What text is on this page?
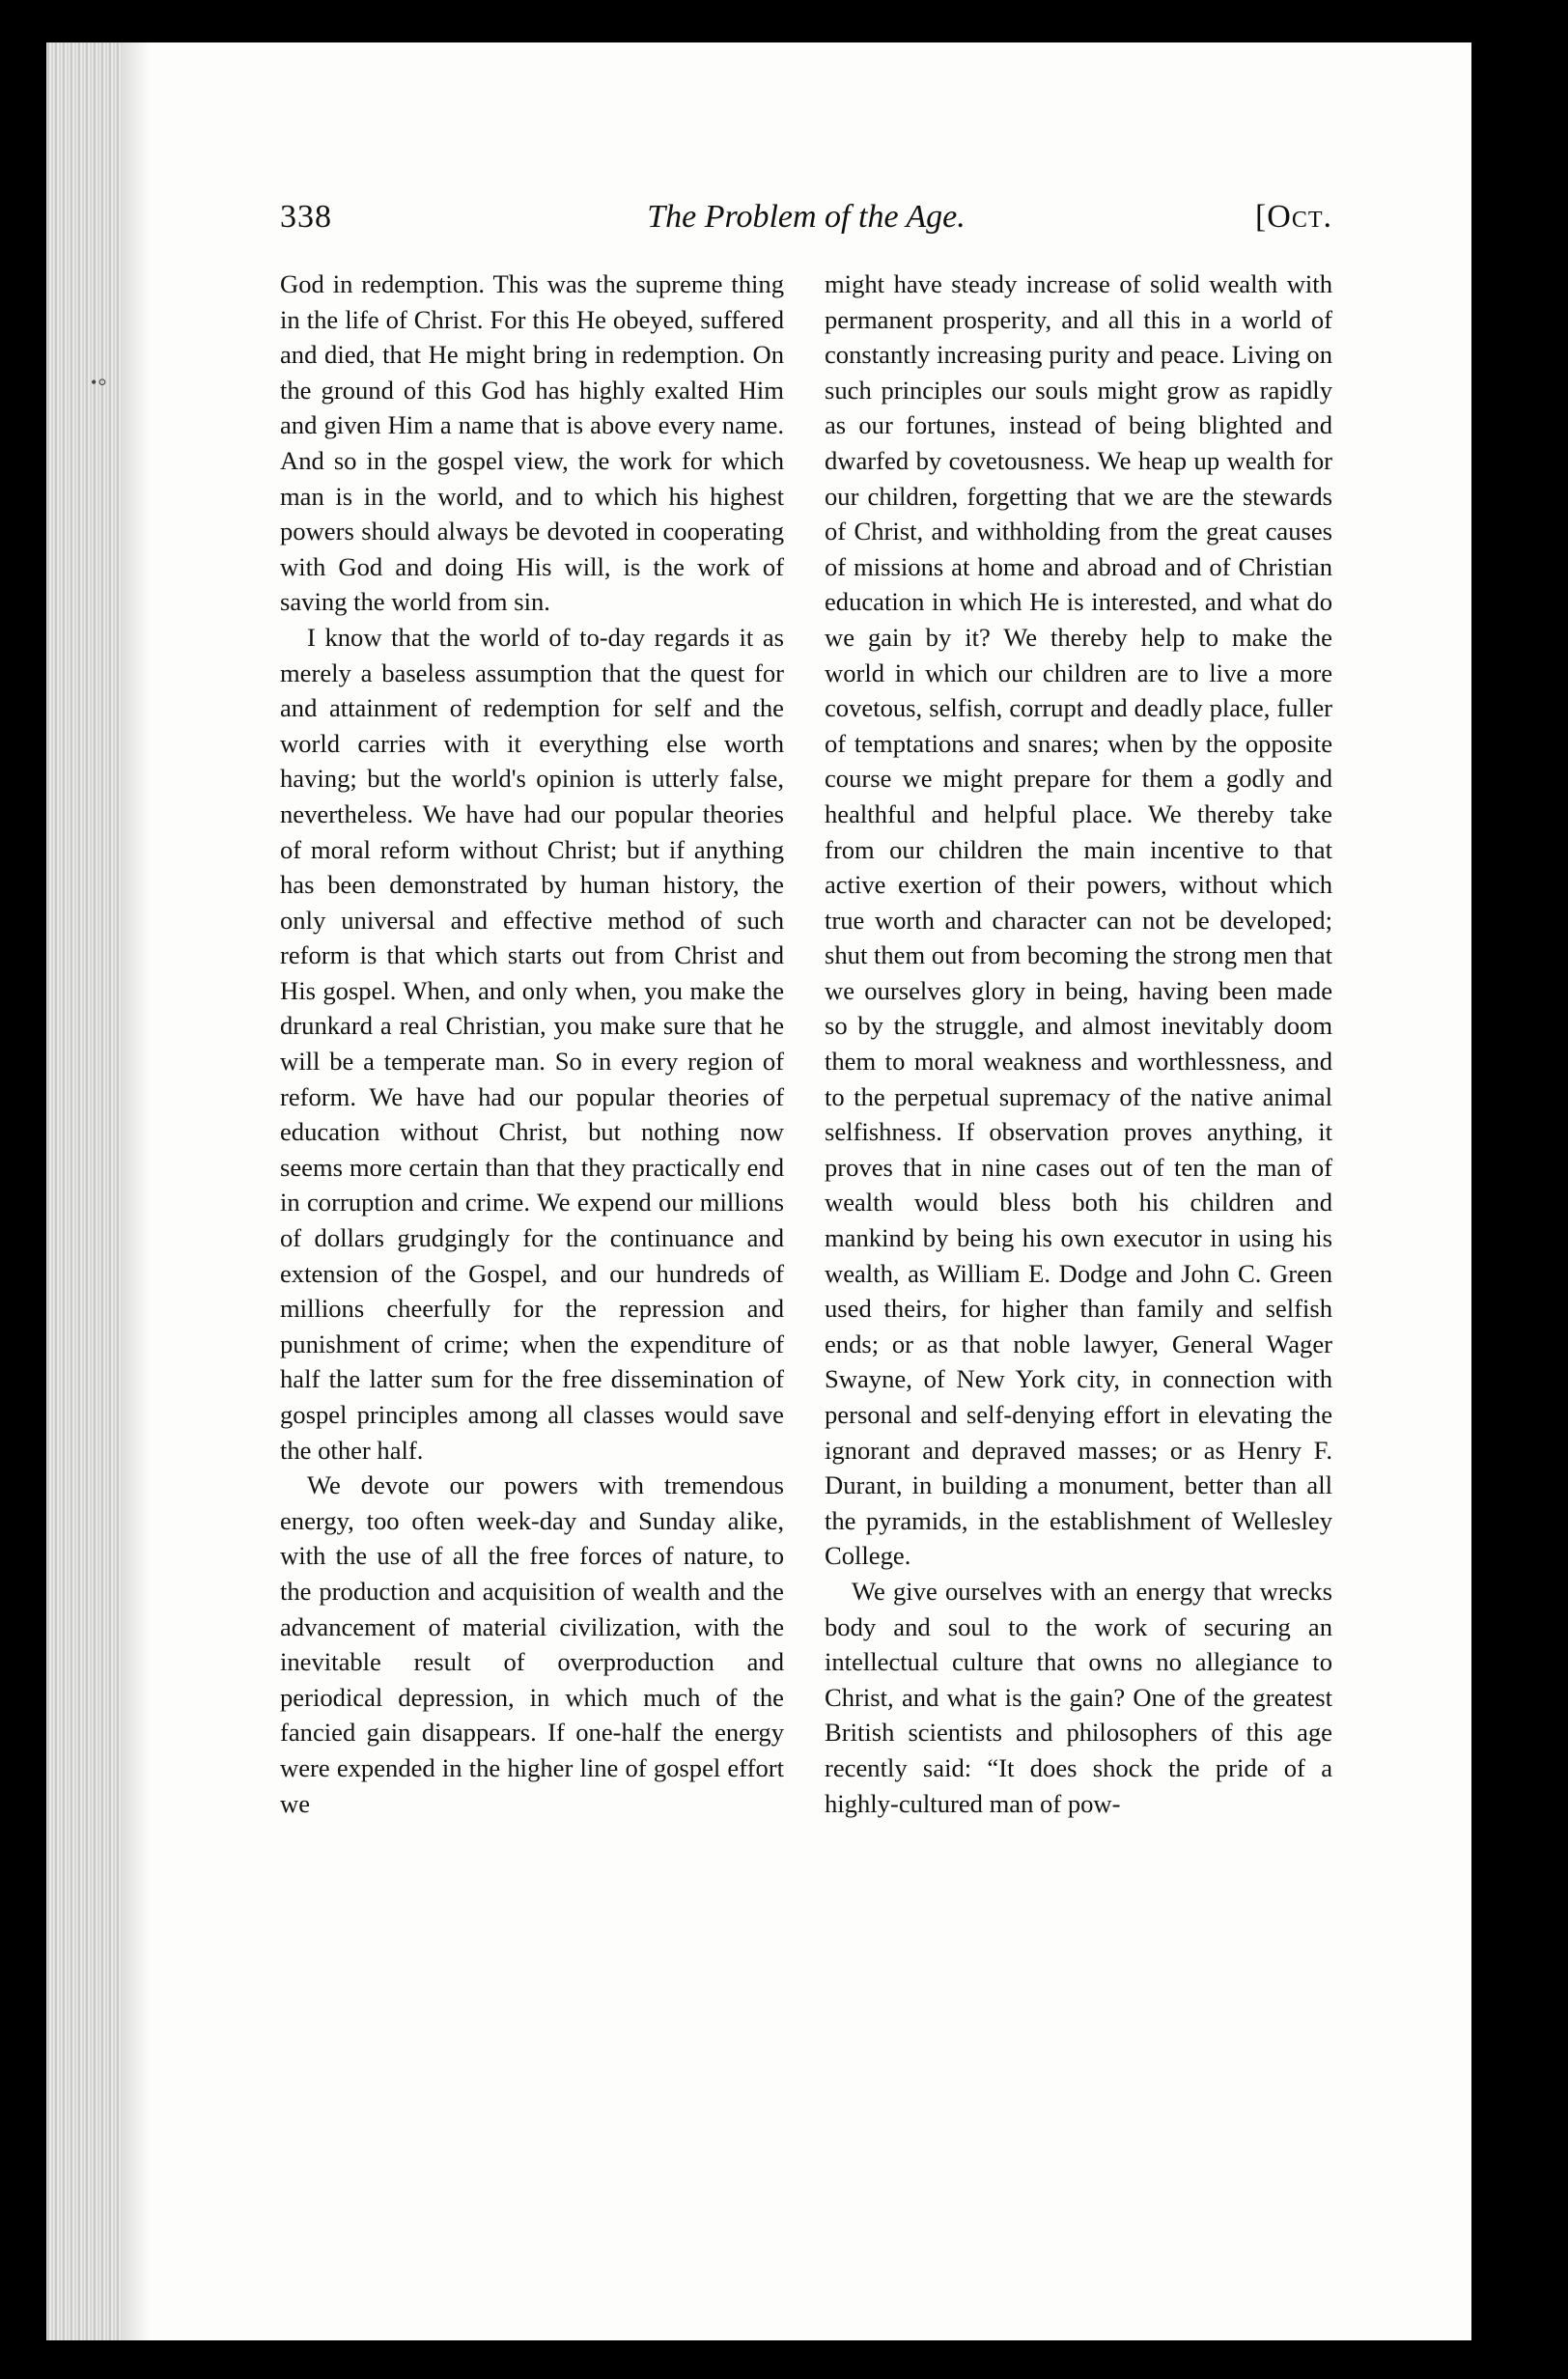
• ⸰
338	The Problem of the Age.	[Oct.

God in redemption. This was the supreme thing in the life of Christ. For this He obeyed, suffered and died, that He might bring in redemption. On the ground of this God has highly exalted Him and given Him a name that is above every name. And so in the gospel view, the work for which man is in the world, and to which his highest powers should always be devoted in cooperating with God and doing His will, is the work of saving the world from sin.

I know that the world of to-day regards it as merely a baseless assumption that the quest for and attainment of redemption for self and the world carries with it everything else worth having; but the world's opinion is utterly false, nevertheless. We have had our popular theories of moral reform without Christ; but if anything has been demonstrated by human history, the only universal and effective method of such reform is that which starts out from Christ and His gospel. When, and only when, you make the drunkard a real Christian, you make sure that he will be a temperate man. So in every region of reform. We have had our popular theories of education without Christ, but nothing now seems more certain than that they practically end in corruption and crime. We expend our millions of dollars grudgingly for the continuance and extension of the Gospel, and our hundreds of millions cheerfully for the repression and punishment of crime; when the expenditure of half the latter sum for the free dissemination of gospel principles among all classes would save the other half.

We devote our powers with tremendous energy, too often week-day and Sunday alike, with the use of all the free forces of nature, to the production and acquisition of wealth and the advancement of material civilization, with the inevitable result of overproduction and periodical depression, in which much of the fancied gain disappears. If one-half the energy were expended in the higher line of gospel effort we

might have steady increase of solid wealth with permanent prosperity, and all this in a world of constantly increasing purity and peace. Living on such principles our souls might grow as rapidly as our fortunes, instead of being blighted and dwarfed by covetousness. We heap up wealth for our children, forgetting that we are the stewards of Christ, and withholding from the great causes of missions at home and abroad and of Christian education in which He is interested, and what do we gain by it? We thereby help to make the world in which our children are to live a more covetous, selfish, corrupt and deadly place, fuller of temptations and snares; when by the opposite course we might prepare for them a godly and healthful and helpful place. We thereby take from our children the main incentive to that active exertion of their powers, without which true worth and character can not be developed; shut them out from becoming the strong men that we ourselves glory in being, having been made so by the struggle, and almost inevitably doom them to moral weakness and worthlessness, and to the perpetual supremacy of the native animal selfishness. If observation proves anything, it proves that in nine cases out of ten the man of wealth would bless both his children and mankind by being his own executor in using his wealth, as William E. Dodge and John C. Green used theirs, for higher than family and selfish ends; or as that noble lawyer, General Wager Swayne, of New York city, in connection with personal and self-denying effort in elevating the ignorant and depraved masses; or as Henry F. Durant, in building a monument, better than all the pyramids, in the establishment of Wellesley College.

We give ourselves with an energy that wrecks body and soul to the work of securing an intellectual culture that owns no allegiance to Christ, and what is the gain? One of the greatest British scientists and philosophers of this age recently said: “It does shock the pride of a highly-cultured man of pow-
